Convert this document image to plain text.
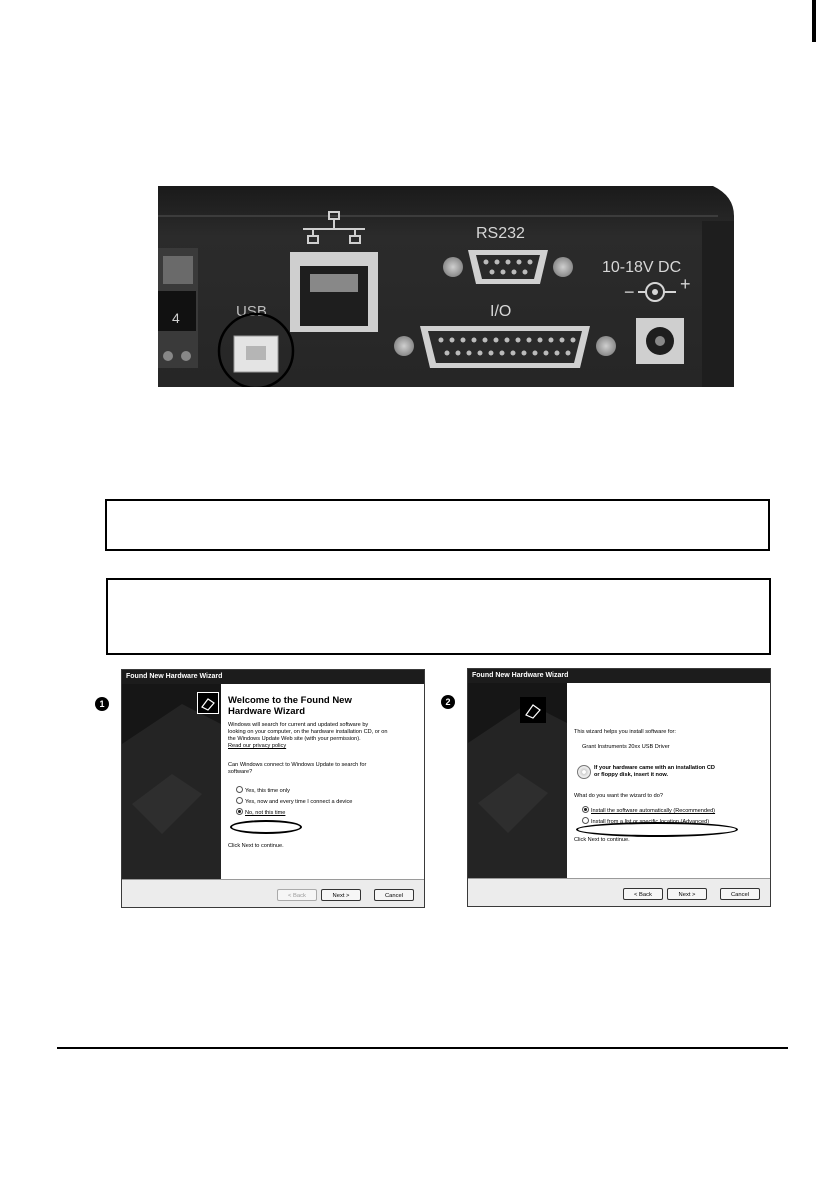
4	USB
RS232
I/O
10-18V DC
−	+
1	2
Found New Hardware Wizard
Welcome to the Found New
Hardware Wizard
Windows will search for current and updated software by
looking on your computer, on the hardware installation CD, or on
the Windows Update Web site (with your permission).
Read our privacy policy
Can Windows connect to Windows Update to search for
software?
Yes, this time only
Yes, now and every time I connect a device
No, not this time
Click Next to continue.
< Back	Next >	Cancel
Found New Hardware Wizard
This wizard helps you install software for:
Grant Instruments 20xx USB Driver
If your hardware came with an installation CD
or floppy disk, insert it now.
What do you want the wizard to do?
Install the software automatically (Recommended)
Install from a list or specific location (Advanced)
Click Next to continue.
< Back	Next >	Cancel
